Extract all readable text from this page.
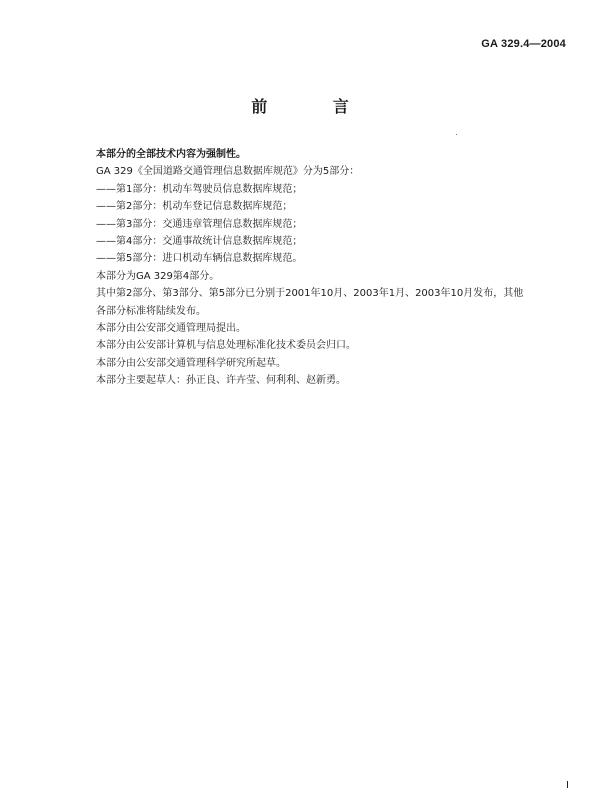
GA 329.4—2004
前 言

本部分的全部技术内容为强制性。

GA 329《全国道路交通管理信息数据库规范》分为5部分：

——第1部分：机动车驾驶员信息数据库规范；

——第2部分：机动车登记信息数据库规范；

——第3部分：交通违章管理信息数据库规范；

——第4部分：交通事故统计信息数据库规范；

——第5部分：进口机动车辆信息数据库规范。

本部分为GA 329第4部分。

其中第2部分、第3部分、第5部分已分别于2001年10月、2003年1月、2003年10月发布，其他

各部分标准将陆续发布。

本部分由公安部交通管理局提出。

本部分由公安部计算机与信息处理标准化技术委员会归口。

本部分由公安部交通管理科学研究所起草。

本部分主要起草人：孙正良、许卉莹、何利利、赵新勇。

I
